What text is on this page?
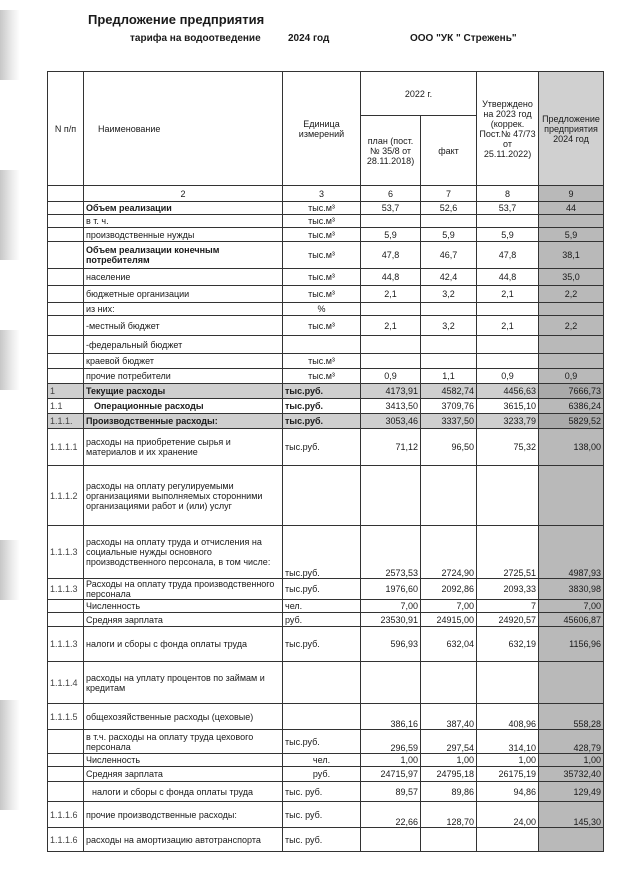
Предложение предприятия
тарифа на водоотведение	2024 год	ООО "УК " Стрежень"
N п/п	Наименование	Единица измерений	2022 г.		Утверждено на 2023 год (коррек. Пост.№ 47/73 от 25.11.2022)	Предложение предприятия 2024 год
			план (пост.№ 35/8 от 28.11.2018)	факт		
	2	3	6	7	8	9
	Объем реализации	тыс.м³	53,7	52,6	53,7	44
	в т. ч.	тыс.м³				
	производственные нужды	тыс.м³	5,9	5,9	5,9	5,9
	Объем реализации конечным потребителям	тыс.м³	47,8	46,7	47,8	38,1
	население	тыс.м³	44,8	42,4	44,8	35,0
	бюджетные организации	тыс.м³	2,1	3,2	2,1	2,2
	из них:	%				
	-местный бюджет	тыс.м³	2,1	3,2	2,1	2,2
	-федеральный бюджет					
	краевой бюджет	тыс.м³				
	прочие потребители	тыс.м³	0,9	1,1	0,9	0,9
1	Текущие расходы	тыс.руб.	4173,91	4582,74	4456,63	7666,73
1.1	Операционные расходы	тыс.руб.	3413,50	3709,76	3615,10	6386,24
1.1.1.	Производственные расходы:	тыс.руб.	3053,46	3337,50	3233,79	5829,52
1.1.1.1	расходы на приобретение сырья и материалов и их хранение	тыс.руб.	71,12	96,50	75,32	138,00
1.1.1.2	расходы на оплату регулируемыми организациями выполняемых сторонними организациями работ и (или) услуг					
1.1.1.3	расходы на оплату труда и отчисления на социальные нужды основного производственного персонала, в том числе:	тыс.руб.	2573,53	2724,90	2725,51	4987,93
1.1.1.3	Расходы на оплату труда производственного персонала	тыс.руб.	1976,60	2092,86	2093,33	3830,98
	Численность	чел.	7,00	7,00	7	7,00
	Средняя зарплата	руб.	23530,91	24915,00	24920,57	45606,87
1.1.1.3	налоги и сборы с фонда оплаты труда	тыс.руб.	596,93	632,04	632,19	1156,96
1.1.1.4	расходы на уплату процентов по займам и кредитам					
1.1.1.5	общехозяйственные расходы (цеховые)		386,16	387,40	408,96	558,28
	в т.ч. расходы на оплату труда цехового персонала	тыс.руб.	296,59	297,54	314,10	428,79
	Численность	чел.	1,00	1,00	1,00	1,00
	Средняя зарплата	руб.	24715,97	24795,18	26175,19	35732,40
	налоги и сборы с фонда оплаты труда	тыс. руб.	89,57	89,86	94,86	129,49
1.1.1.6	прочие производственные расходы:	тыс. руб.	22,66	128,70	24,00	145,30
1.1.1.6	расходы на амортизацию автотранспорта	тыс. руб.				
